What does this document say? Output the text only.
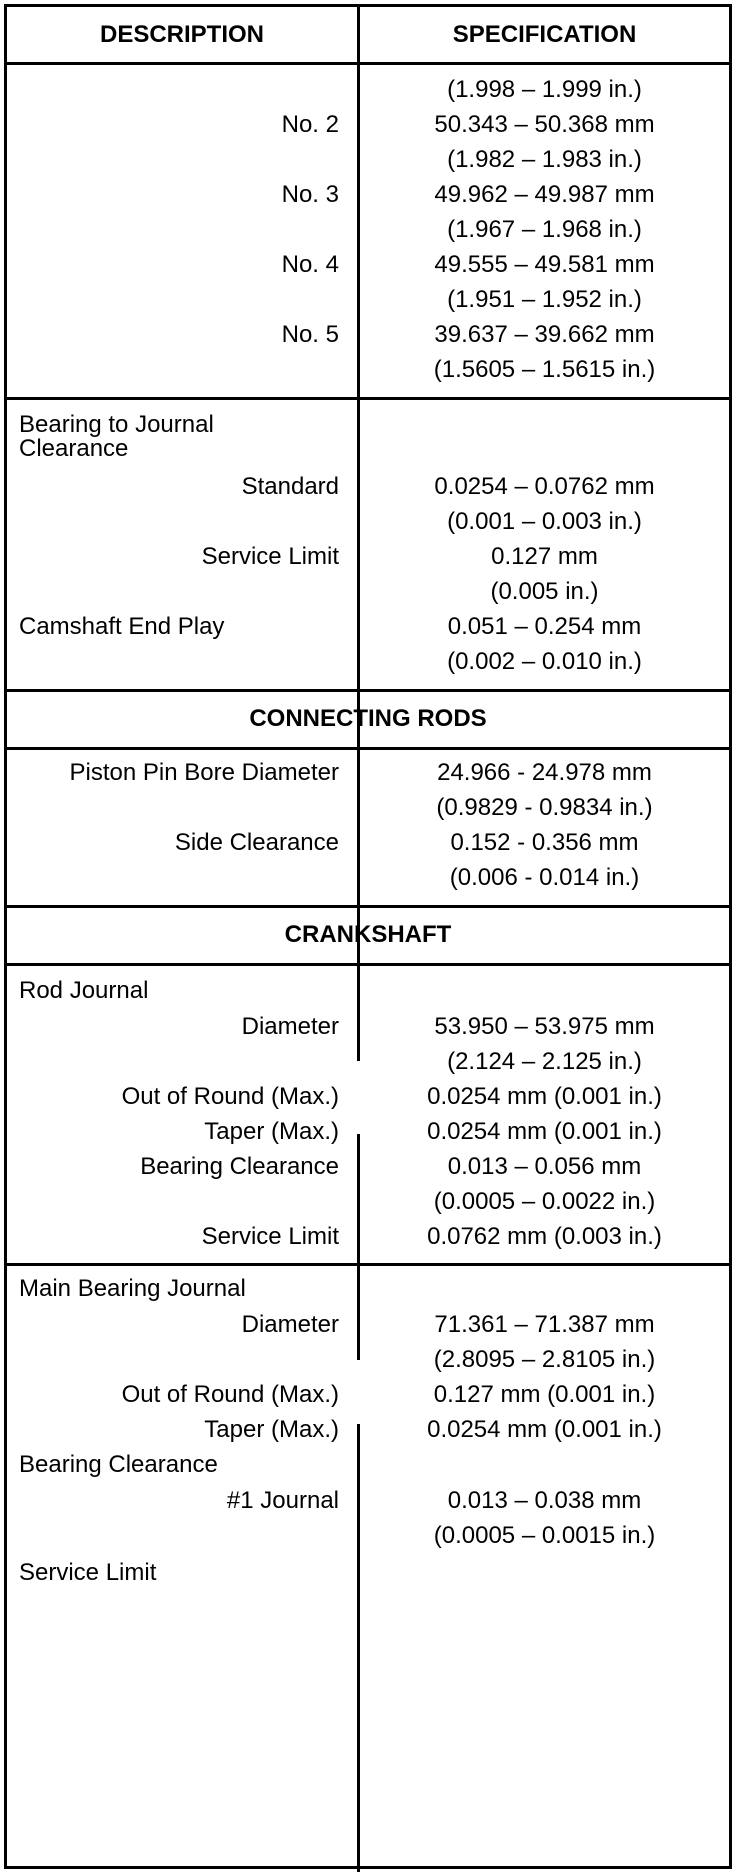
DESCRIPTION	SPECIFICATION
(1.998 – 1.999 in.)
No. 2	50.343 – 50.368 mm
(1.982 – 1.983 in.)
No. 3	49.962 – 49.987 mm
(1.967 – 1.968 in.)
No. 4	49.555 – 49.581 mm
(1.951 – 1.952 in.)
No. 5	39.637 – 39.662 mm
(1.5605 – 1.5615 in.)
Bearing to Journal
Clearance
Standard	0.0254 – 0.0762 mm
(0.001 – 0.003 in.)
Service Limit	0.127 mm
(0.005 in.)
Camshaft End Play	0.051 – 0.254 mm
(0.002 – 0.010 in.)
CONNECTING RODS
Piston Pin Bore Diameter	24.966 - 24.978 mm
(0.9829 - 0.9834 in.)
Side Clearance	0.152 - 0.356 mm
(0.006 - 0.014 in.)
CRANKSHAFT
Rod Journal
Diameter	53.950 – 53.975 mm
(2.124 – 2.125 in.)
Out of Round (Max.)	0.0254 mm (0.001 in.)
Taper (Max.)	0.0254 mm (0.001 in.)
Bearing Clearance	0.013 – 0.056 mm
(0.0005 – 0.0022 in.)
Service Limit	0.0762 mm (0.003 in.)
Main Bearing Journal
Diameter	71.361 – 71.387 mm
(2.8095 – 2.8105 in.)
Out of Round (Max.)	0.127 mm (0.001 in.)
Taper (Max.)	0.0254 mm (0.001 in.)
Bearing Clearance
#1 Journal	0.013 – 0.038 mm
(0.0005 – 0.0015 in.)
Service Limit
